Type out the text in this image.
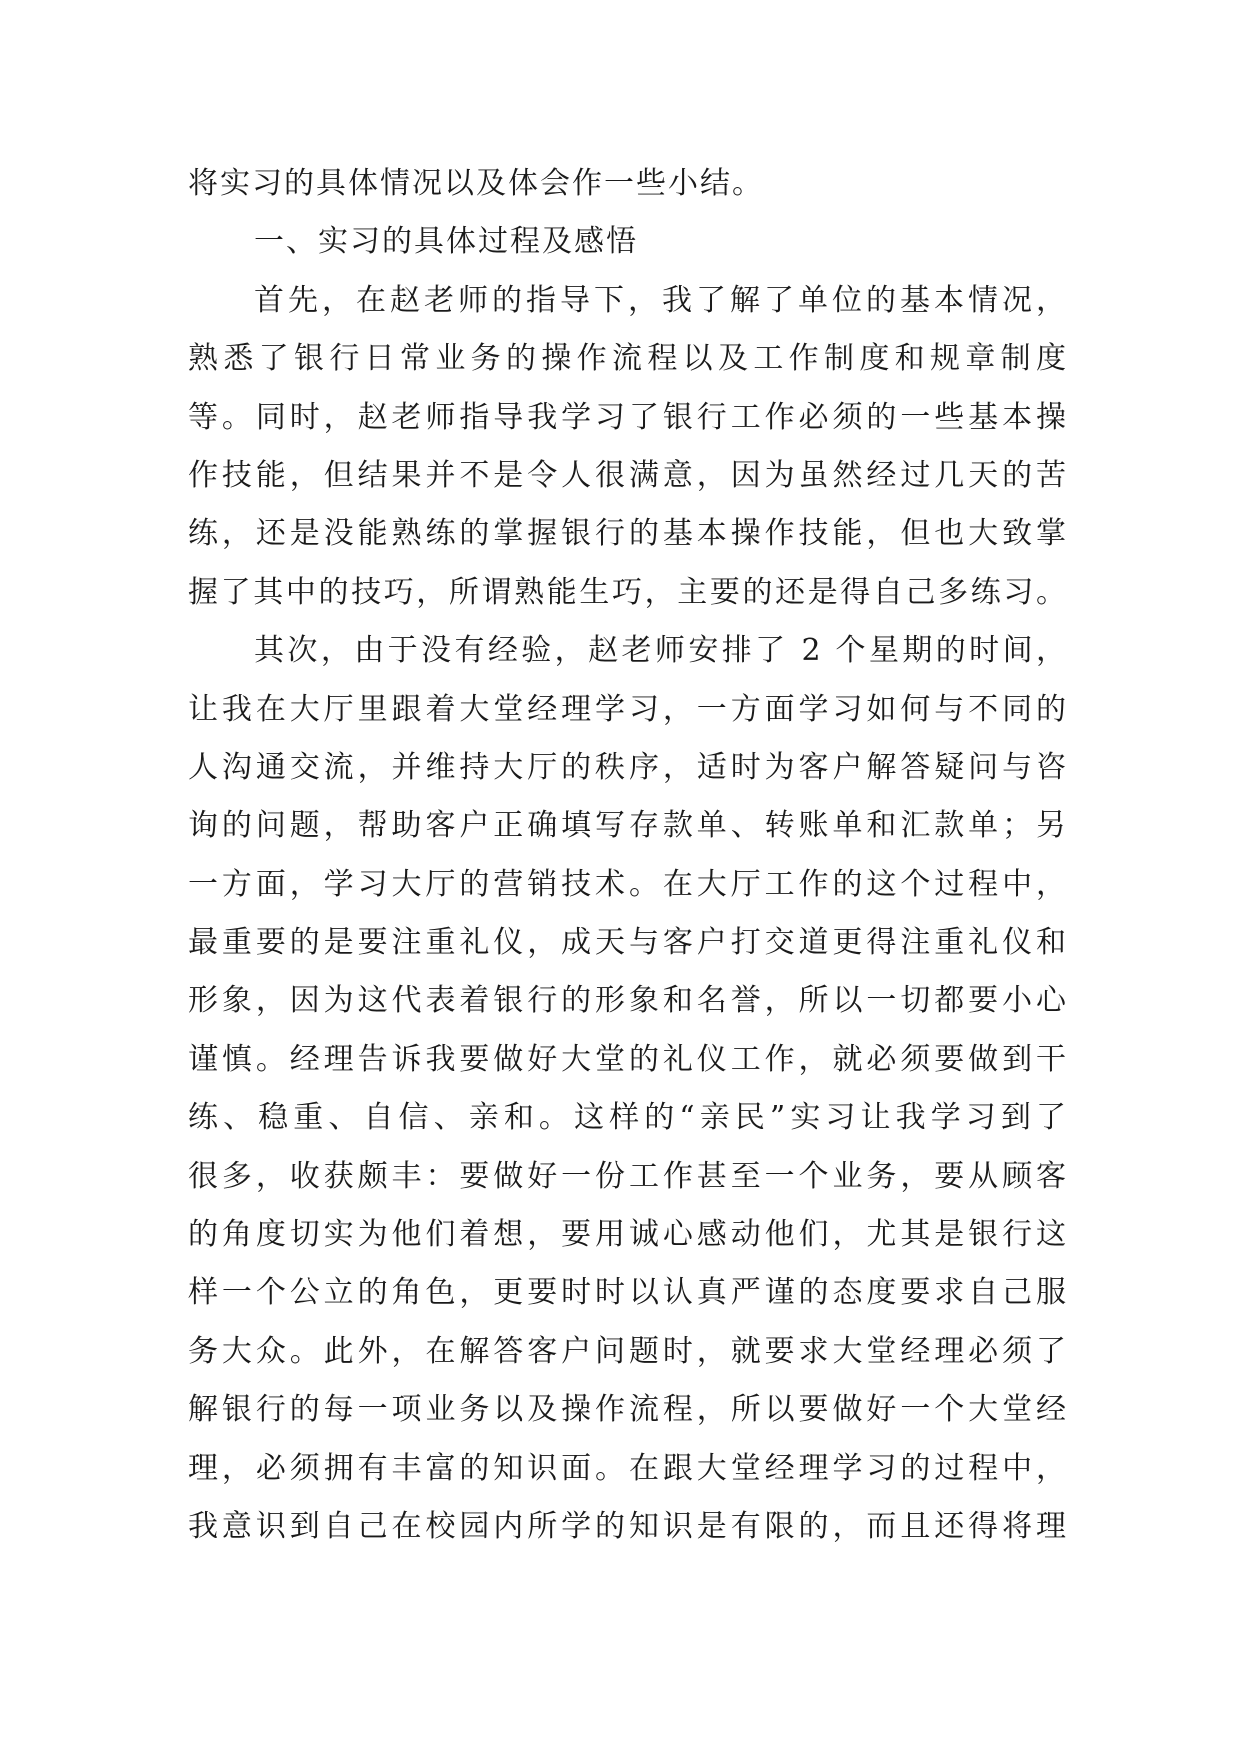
将实习的具体情况以及体会作一些小结。
一、实习的具体过程及感悟
首先，在赵老师的指导下，我了解了单位的基本情况，
熟悉了银行日常业务的操作流程以及工作制度和规章制度
等。同时，赵老师指导我学习了银行工作必须的一些基本操
作技能，但结果并不是令人很满意，因为虽然经过几天的苦
练，还是没能熟练的掌握银行的基本操作技能，但也大致掌
握了其中的技巧，所谓熟能生巧，主要的还是得自己多练习。
其次，由于没有经验，赵老师安排了 2 个星期的时间，
让我在大厅里跟着大堂经理学习，一方面学习如何与不同的
人沟通交流，并维持大厅的秩序，适时为客户解答疑问与咨
询的问题，帮助客户正确填写存款单、转账单和汇款单；另
一方面，学习大厅的营销技术。在大厅工作的这个过程中，
最重要的是要注重礼仪，成天与客户打交道更得注重礼仪和
形象，因为这代表着银行的形象和名誉，所以一切都要小心
谨慎。经理告诉我要做好大堂的礼仪工作，就必须要做到干
练、稳重、自信、亲和。这样的“亲民”实习让我学习到了
很多，收获颇丰：要做好一份工作甚至一个业务，要从顾客
的角度切实为他们着想，要用诚心感动他们，尤其是银行这
样一个公立的角色，更要时时以认真严谨的态度要求自己服
务大众。此外，在解答客户问题时，就要求大堂经理必须了
解银行的每一项业务以及操作流程，所以要做好一个大堂经
理，必须拥有丰富的知识面。在跟大堂经理学习的过程中，
我意识到自己在校园内所学的知识是有限的，而且还得将理
